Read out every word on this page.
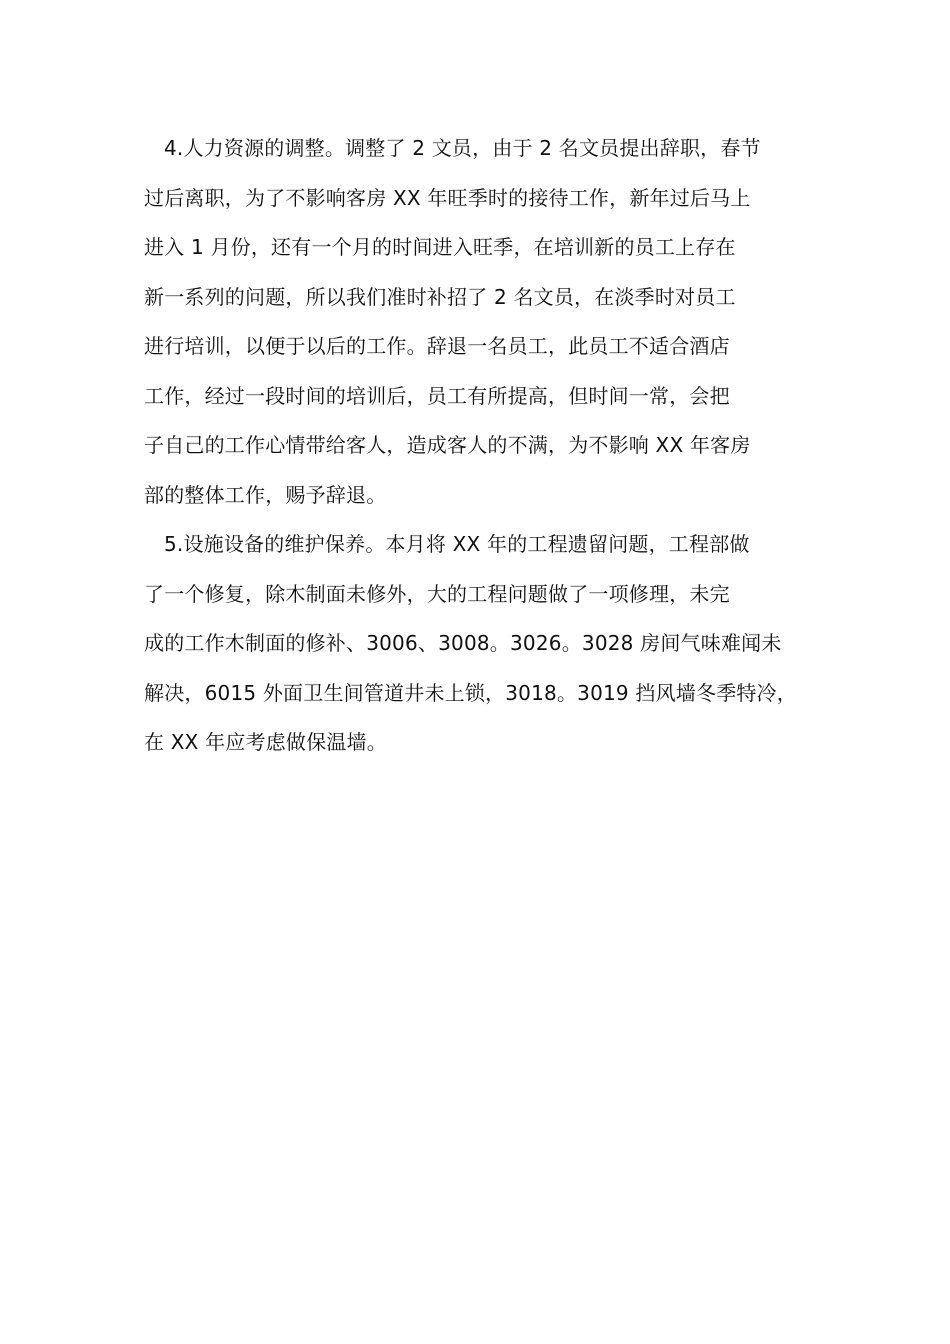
4.人力资源的调整。调整了 2 文员，由于 2 名文员提出辞职，春节
过后离职，为了不影响客房 XX 年旺季时的接待工作，新年过后马上
进入 1 月份，还有一个月的时间进入旺季，在培训新的员工上存在
新一系列的问题，所以我们准时补招了 2 名文员，在淡季时对员工
进行培训，以便于以后的工作。辞退一名员工，此员工不适合酒店
工作，经过一段时间的培训后，员工有所提高，但时间一常，会把
子自己的工作心情带给客人，造成客人的不满，为不影响 XX 年客房
部的整体工作，赐予辞退。
5.设施设备的维护保养。本月将 XX 年的工程遗留问题，工程部做
了一个修复，除木制面未修外，大的工程问题做了一项修理，未完
成的工作木制面的修补、3006、3008。3026。3028 房间气味难闻未
解决，6015 外面卫生间管道井未上锁，3018。3019 挡风墙冬季特冷，
在 XX 年应考虑做保温墙。
